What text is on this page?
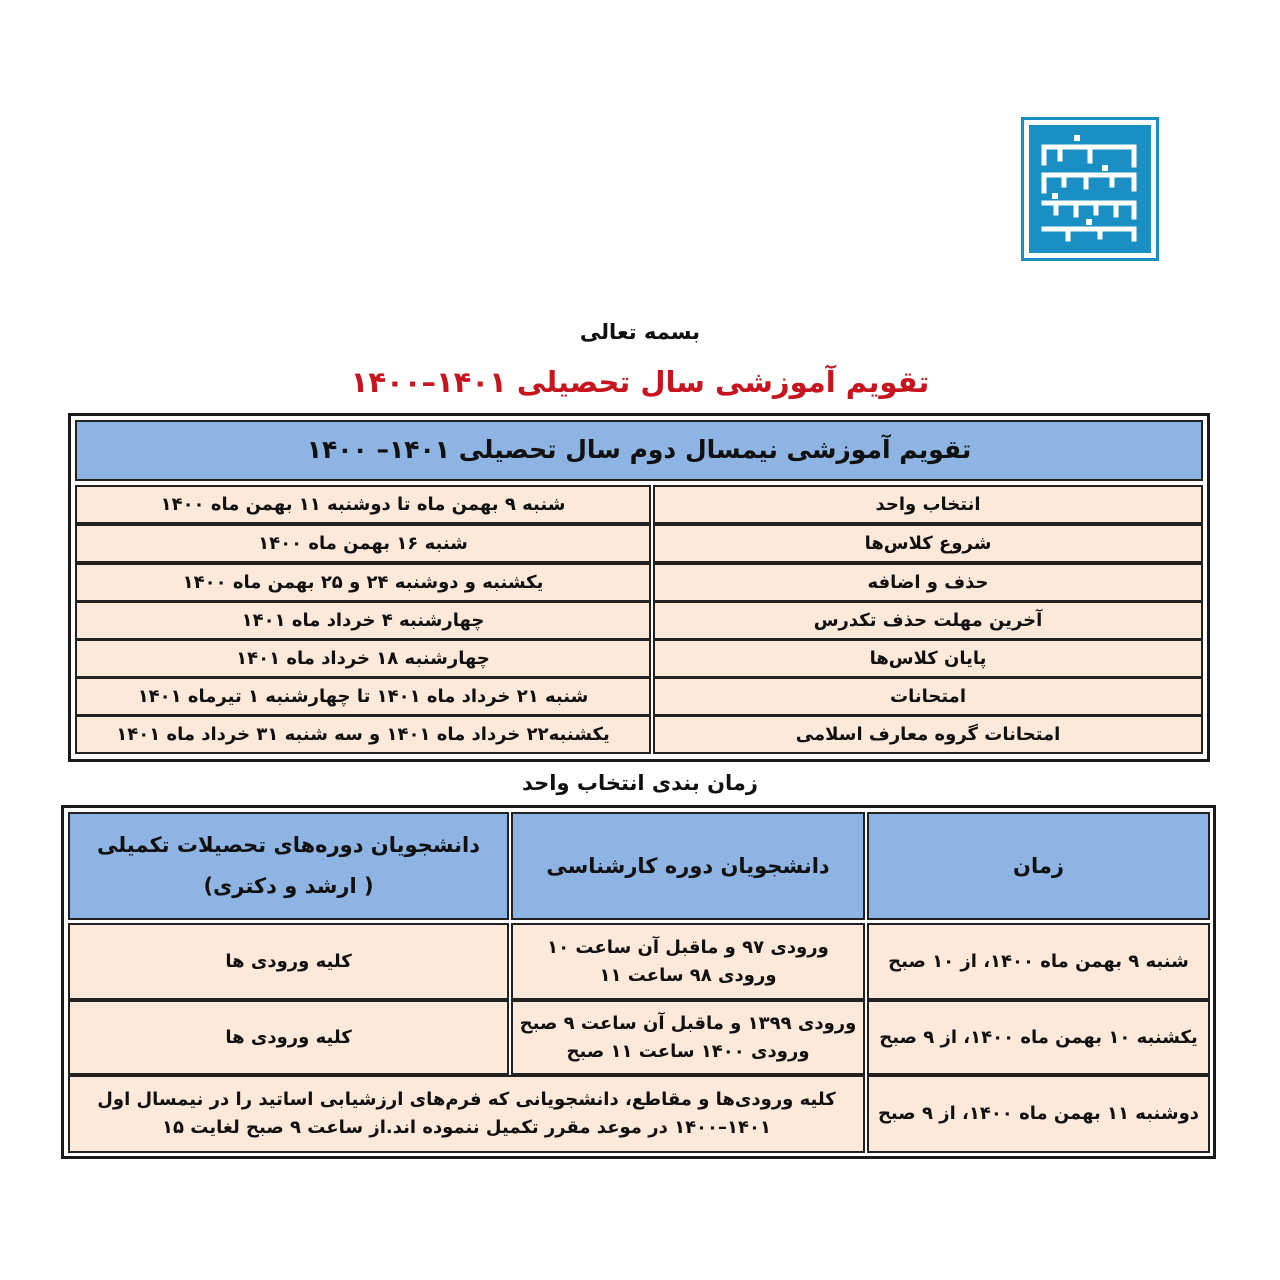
بسمه تعالی
تقویم آموزشی سال تحصیلی ۱۴۰۱–۱۴۰۰
تقویم آموزشی نیمسال دوم سال تحصیلی ۱۴۰۱– ۱۴۰۰
انتخاب واحد
شنبه ۹ بهمن ماه تا دوشنبه ۱۱ بهمن ماه ۱۴۰۰
شروع کلاس‌ها
شنبه ۱۶ بهمن ماه ۱۴۰۰
حذف و اضافه
یکشنبه و دوشنبه ۲۴ و ۲۵ بهمن ماه ۱۴۰۰
آخرین مهلت حذف تکدرس
چهارشنبه ۴ خرداد ماه ۱۴۰۱
پایان کلاس‌ها
چهارشنبه ۱۸ خرداد ماه ۱۴۰۱
امتحانات
شنبه ۲۱ خرداد ماه ۱۴۰۱ تا چهارشنبه ۱ تیرماه ۱۴۰۱
امتحانات گروه معارف اسلامی
یکشنبه۲۲ خرداد ماه ۱۴۰۱ و سه شنبه ۳۱ خرداد ماه ۱۴۰۱
زمان بندی انتخاب واحد
زمان
دانشجویان دوره کارشناسی
دانشجویان دوره‌های تحصیلات تکمیلی
( ارشد و دکتری)
شنبه ۹ بهمن ماه ۱۴۰۰، از ۱۰ صبح
ورودی ۹۷ و ماقبل آن ساعت ۱۰
ورودی ۹۸ ساعت ۱۱
کلیه ورودی ها
یکشنبه ۱۰ بهمن ماه ۱۴۰۰، از ۹ صبح
ورودی ۱۳۹۹ و ماقبل آن ساعت ۹ صبح
ورودی ۱۴۰۰ ساعت ۱۱ صبح
کلیه ورودی ها
دوشنبه ۱۱ بهمن ماه ۱۴۰۰، از ۹ صبح
کلیه ورودی‌ها و مقاطع، دانشجویانی که فرم‌های ارزشیابی اساتید را در نیمسال اول
۱۴۰۱–۱۴۰۰ در موعد مقرر تکمیل ننموده اند.از ساعت ۹ صبح لغایت ۱۵
